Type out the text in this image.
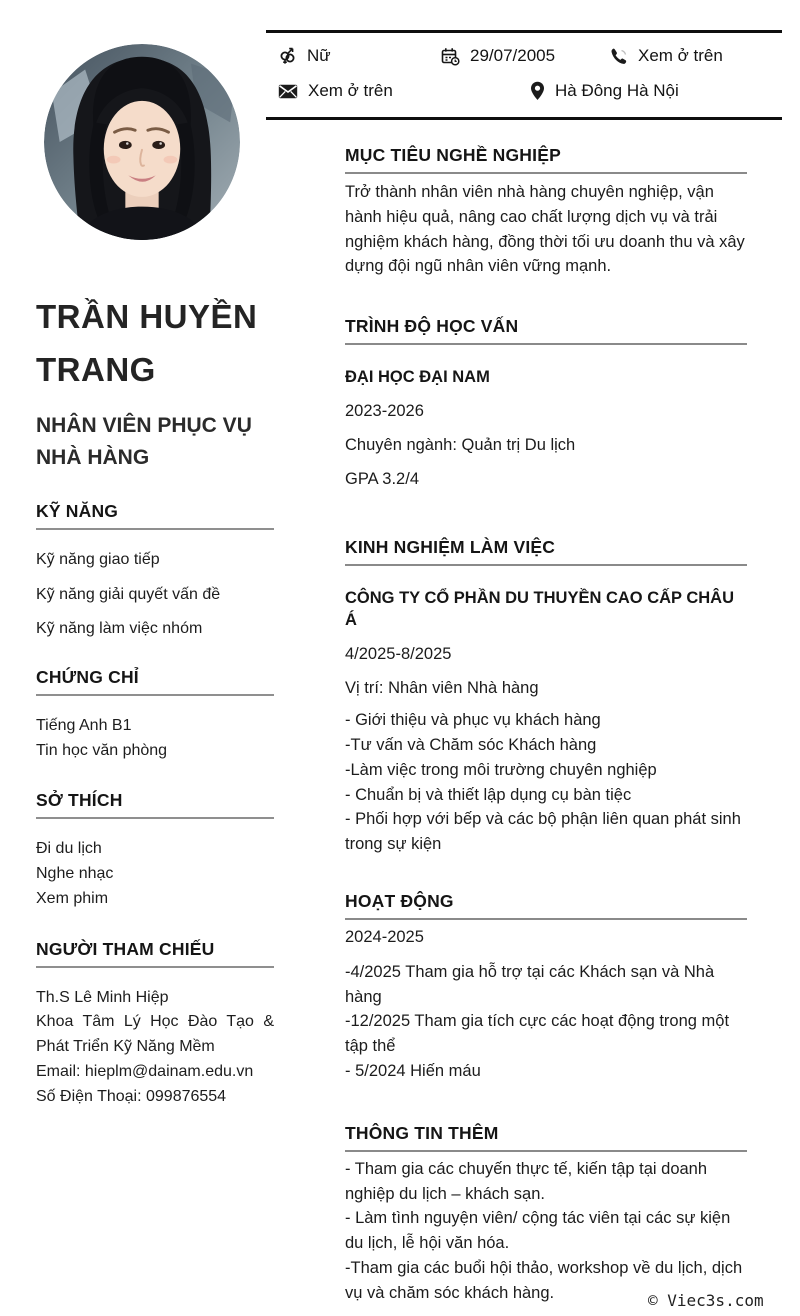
Nữ	29/07/2005	Xem ở trên
Xem ở trên	Hà Đông Hà Nội
TRẦN HUYỀN TRANG
NHÂN VIÊN PHỤC VỤ NHÀ HÀNG
KỸ NĂNG
Kỹ năng giao tiếp
Kỹ năng giải quyết vấn đề
Kỹ năng làm việc nhóm
CHỨNG CHỈ
Tiếng Anh B1
Tin học văn phòng
SỞ THÍCH
Đi du lịch
Nghe nhạc
Xem phim
NGƯỜI THAM CHIẾU
Th.S Lê Minh Hiệp
Khoa Tâm Lý Học Đào Tạo &
Phát Triển Kỹ Năng Mềm
Email: hieplm@dainam.edu.vn
Số Điện Thoại: 099876554
MỤC TIÊU NGHỀ NGHIỆP
Trở thành nhân viên nhà hàng chuyên nghiệp, vận hành hiệu quả, nâng cao chất lượng dịch vụ và trải nghiệm khách hàng, đồng thời tối ưu doanh thu và xây dựng đội ngũ nhân viên vững mạnh.
TRÌNH ĐỘ HỌC VẤN
ĐẠI HỌC ĐẠI NAM
2023-2026
Chuyên ngành: Quản trị Du lịch
GPA 3.2/4
KINH NGHIỆM LÀM VIỆC
CÔNG TY CỔ PHẦN DU THUYỀN CAO CẤP CHÂU Á
4/2025-8/2025
Vị trí: Nhân viên Nhà hàng
- Giới thiệu và phục vụ khách hàng
-Tư vấn và Chăm sóc Khách hàng
-Làm việc trong môi trường chuyên nghiệp
- Chuẩn bị và thiết lập dụng cụ bàn tiệc
- Phối hợp với bếp và các bộ phận liên quan phát sinh trong sự kiện
HOẠT ĐỘNG
2024-2025
-4/2025 Tham gia hỗ trợ tại các Khách sạn và Nhà hàng
-12/2025 Tham gia tích cực các hoạt động trong một tập thể
- 5/2024 Hiến máu
THÔNG TIN THÊM
- Tham gia các chuyến thực tế, kiến tập tại doanh nghiệp du lịch – khách sạn.
- Làm tình nguyện viên/ cộng tác viên tại các sự kiện du lịch, lễ hội văn hóa.
-Tham gia các buổi hội thảo, workshop về du lịch, dịch vụ và chăm sóc khách hàng.	© Viec3s.com
